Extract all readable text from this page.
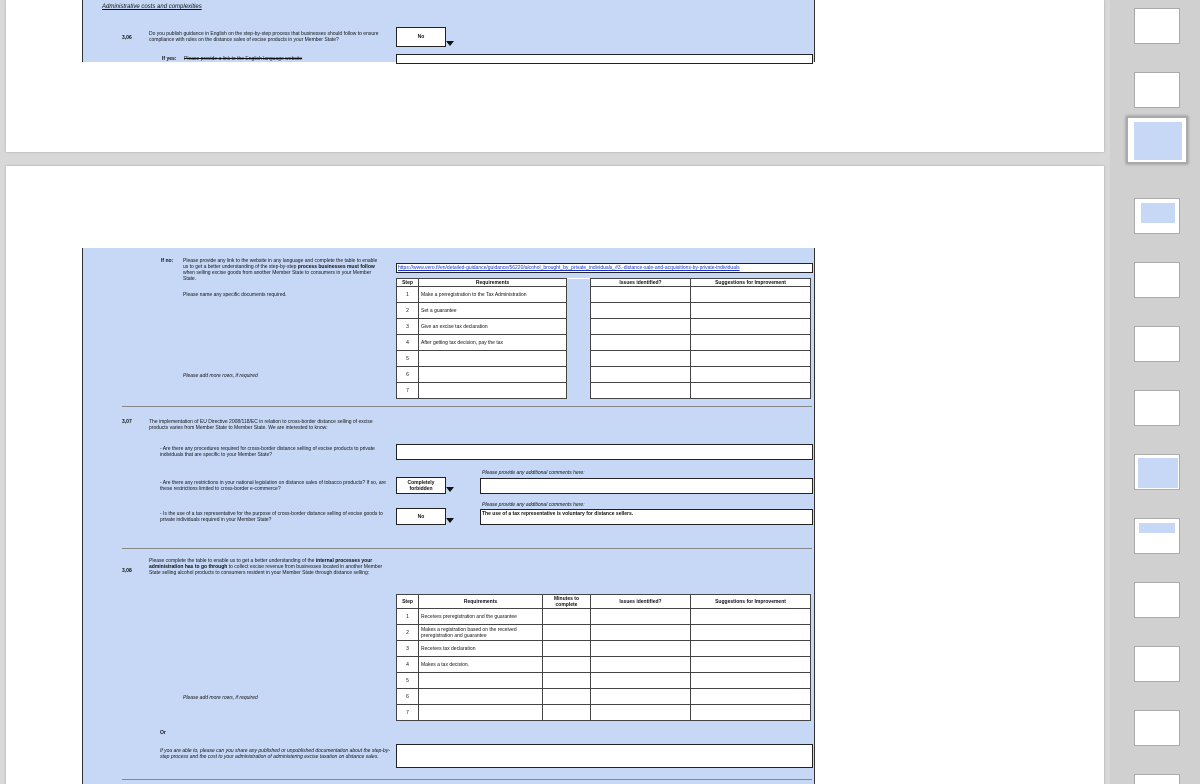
Administrative costs and complexities
3,06
Do you publish guidance in English on the step-by-step process that businesses should follow to ensure compliance with rules on the distance sales of excise products in your Member State?	No
If yes: Please provide a link to the English language website
If no: Please provide any link to the website in any language and complete the table to enable us to get a better understanding of the step-by-step process businesses must follow when selling excise goods from another Member State to consumers in your Member State.
Please name any specific documents required.
Please add more rows, if required
https://www.vero.fi/en/detailed-guidance/guidance/56220/alcohol_brought_by_private_individuals_#3.-distance-sale-and-acquisitions-by-private-individuals
Step	Requirements		Issues identified?	Suggestions for Improvement
1	Make a preregistration to the Tax Administration			
2	Set a guarantee			
3	Give an excise tax declaration			
4	After getting tax decision, pay the tax			
5				
6				
7				
3,07	The implementation of EU Directive 2008/118/EC in relation to cross-border distance selling of excise products varies from Member State to Member State. We are interested to know:
- Are there any procedures required for cross-border distance selling of excise products to private individuals that are specific to your Member State?
Please provide any additional comments here:
- Are there any restrictions in your national legislation on distance sales of tobacco products? If so, are these restrictions limited to cross-border e-commerce?
Completely forbidden
Please provide any additional comments here:
- Is the use of a tax representative for the purpose of cross-border distance selling of excise goods to private individuals required in your Member State?
No	The use of a tax representative is voluntary for distance sellers.
3,08
Please complete the table to enable us to get a better understanding of the internal processes your administration has to go through to collect excise revenue from businesses located in another Member State selling alcohol products to consumers resident in your Member State through distance selling:
Step	Requirements	Minutes to complete	Issues identified?	Suggestions for Improvement
1	Receives preregistration and the guarantee			
2	Makes a registration based on the received preregistration and guarantee			
3	Receives tax declaration			
4	Makes a tax decision.			
5				
6				
7				
Please add more rows, if required
Or
If you are able to, please can you share any published or unpublished documentation about the step-by-step process and the cost to your administration of administering excise taxation on distance sales.
